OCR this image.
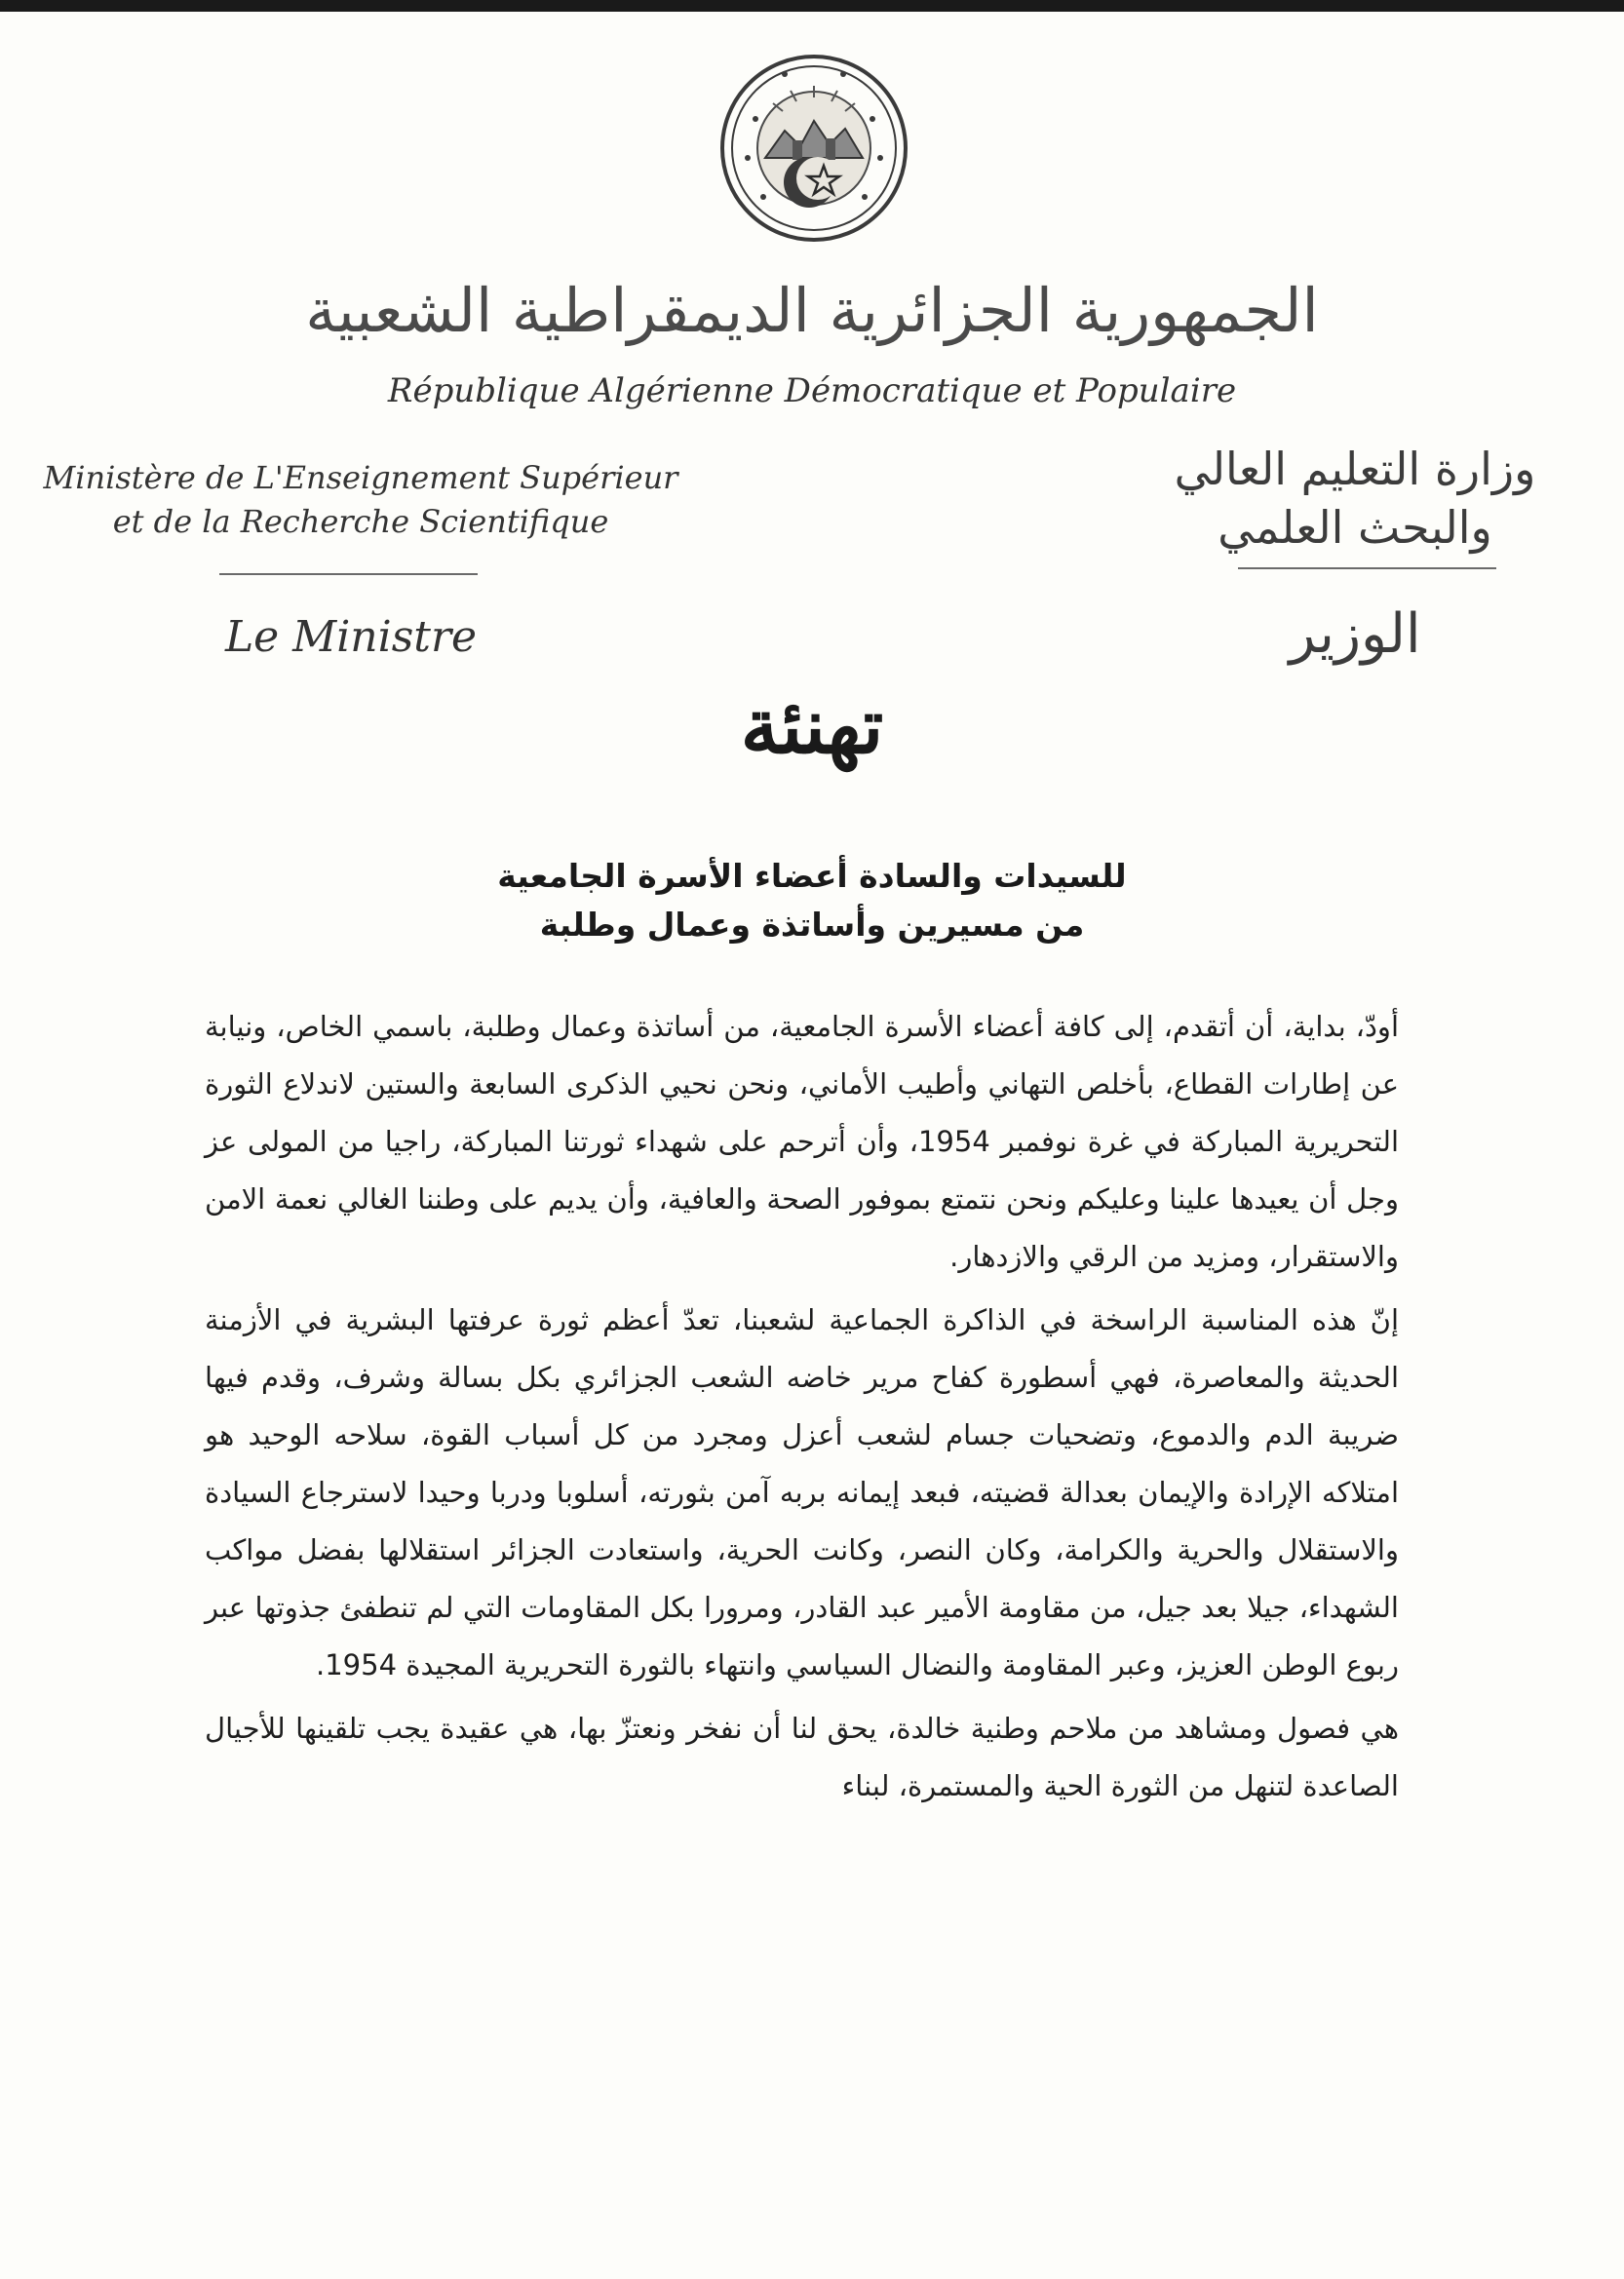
الجمهورية الجزائرية الديمقراطية الشعبية
République Algérienne Démocratique et Populaire
Ministère de L'Enseignement Supérieur
et de la Recherche Scientifique
Le Ministre
وزارة التعليم العالي
والبحث العلمي
الوزير
تهنئة
للسيدات والسادة أعضاء الأسرة الجامعية
من مسيرين وأساتذة وعمال وطلبة

أودّ، بداية، أن أتقدم، إلى كافة أعضاء الأسرة الجامعية، من أساتذة وعمال وطلبة، باسمي الخاص، ونيابة عن إطارات القطاع، بأخلص التهاني وأطيب الأماني، ونحن نحيي الذكرى السابعة والستين لاندلاع الثورة التحريرية المباركة في غرة نوفمبر 1954، وأن أترحم على شهداء ثورتنا المباركة، راجيا من المولى عز وجل أن يعيدها علينا وعليكم ونحن نتمتع بموفور الصحة والعافية، وأن يديم على وطننا الغالي نعمة الامن والاستقرار، ومزيد من الرقي والازدهار.

إنّ هذه المناسبة الراسخة في الذاكرة الجماعية لشعبنا، تعدّ أعظم ثورة عرفتها البشرية في الأزمنة الحديثة والمعاصرة، فهي أسطورة كفاح مرير خاضه الشعب الجزائري بكل بسالة وشرف، وقدم فيها ضريبة الدم والدموع، وتضحيات جسام لشعب أعزل ومجرد من كل أسباب القوة، سلاحه الوحيد هو امتلاكه الإرادة والإيمان بعدالة قضيته، فبعد إيمانه بربه آمن بثورته، أسلوبا ودربا وحيدا لاسترجاع السيادة والاستقلال والحرية والكرامة، وكان النصر، وكانت الحرية، واستعادت الجزائر استقلالها بفضل مواكب الشهداء، جيلا بعد جيل، من مقاومة الأمير عبد القادر، ومرورا بكل المقاومات التي لم تنطفئ جذوتها عبر ربوع الوطن العزيز، وعبر المقاومة والنضال السياسي وانتهاء بالثورة التحريرية المجيدة 1954.

هي فصول ومشاهد من ملاحم وطنية خالدة، يحق لنا أن نفخر ونعتزّ بها، هي عقيدة يجب تلقينها للأجيال الصاعدة لتنهل من الثورة الحية والمستمرة، لبناء
